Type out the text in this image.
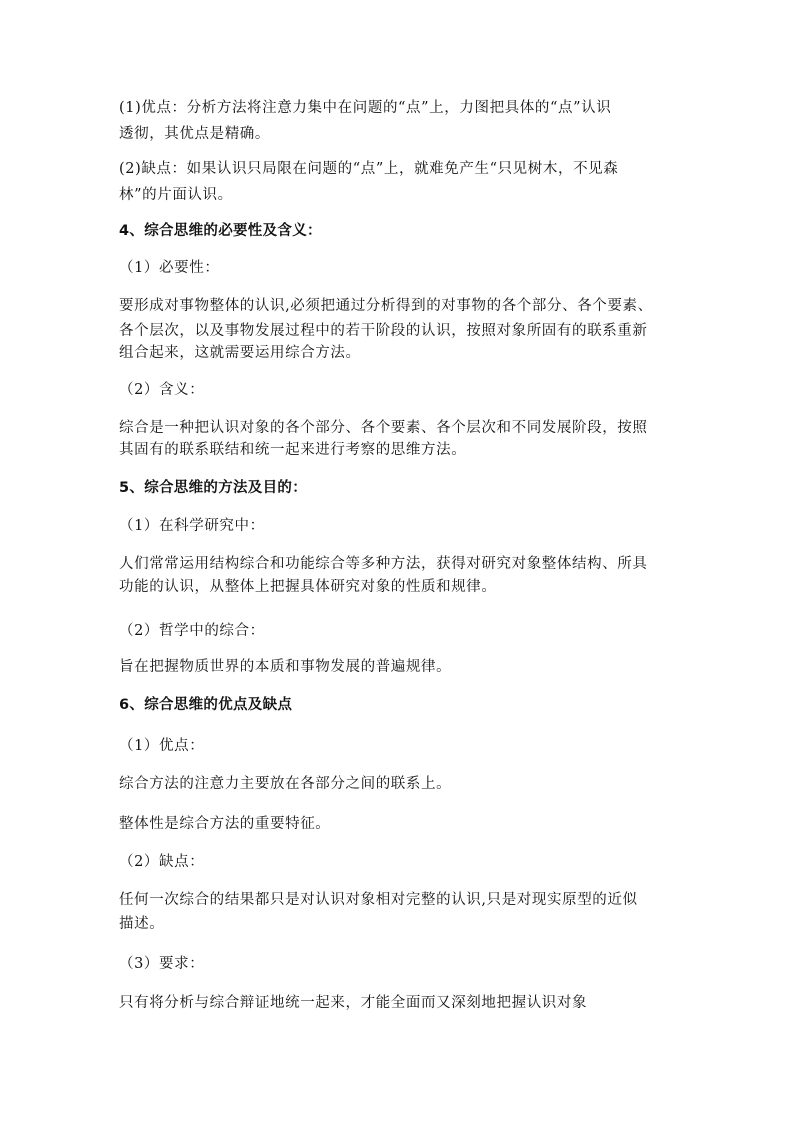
(1)优点：分析方法将注意力集中在问题的“点”上，力图把具体的“点”认识
透彻，其优点是精确。
(2)缺点：如果认识只局限在问题的“点”上，就难免产生“只见树木，不见森
林”的片面认识。
4、综合思维的必要性及含义：
（1）必要性：
要形成对事物整体的认识,必须把通过分析得到的对事物的各个部分、各个要素、
各个层次，以及事物发展过程中的若干阶段的认识，按照对象所固有的联系重新
组合起来，这就需要运用综合方法。
（2）含义：
综合是一种把认识对象的各个部分、各个要素、各个层次和不同发展阶段，按照
其固有的联系联结和统一起来进行考察的思维方法。
5、综合思维的方法及目的：
（1）在科学研究中：
人们常常运用结构综合和功能综合等多种方法，获得对研究对象整体结构、所具
功能的认识，从整体上把握具体研究对象的性质和规律。
（2）哲学中的综合：
旨在把握物质世界的本质和事物发展的普遍规律。
6、综合思维的优点及缺点
（1）优点：
综合方法的注意力主要放在各部分之间的联系上。
整体性是综合方法的重要特征。
（2）缺点：
任何一次综合的结果都只是对认识对象相对完整的认识,只是对现实原型的近似
描述。
（3）要求：
只有将分析与综合辩证地统一起来，才能全面而又深刻地把握认识对象
